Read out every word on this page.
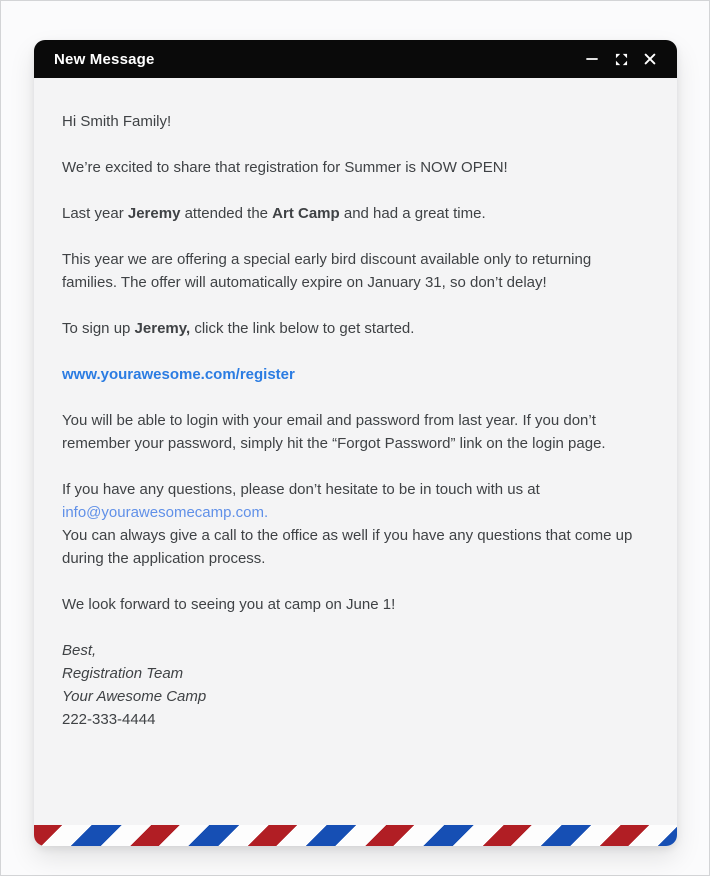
New Message

Hi Smith Family!

We’re excited to share that registration for Summer is NOW OPEN!

Last year Jeremy attended the Art Camp and had a great time.

This year we are offering a special early bird discount available only to returning families. The offer will automatically expire on January 31, so don’t delay!

To sign up Jeremy, click the link below to get started.

www.yourawesome.com/register

You will be able to login with your email and password from last year. If you don’t remember your password, simply hit the “Forgot Password” link on the login page.

If you have any questions, please don’t hesitate to be in touch with us at
info@yourawesomecamp.com.
You can always give a call to the office as well if you have any questions that come up during the application process.

We look forward to seeing you at camp on June 1!

Best,
Registration Team
Your Awesome Camp
222-333-4444
